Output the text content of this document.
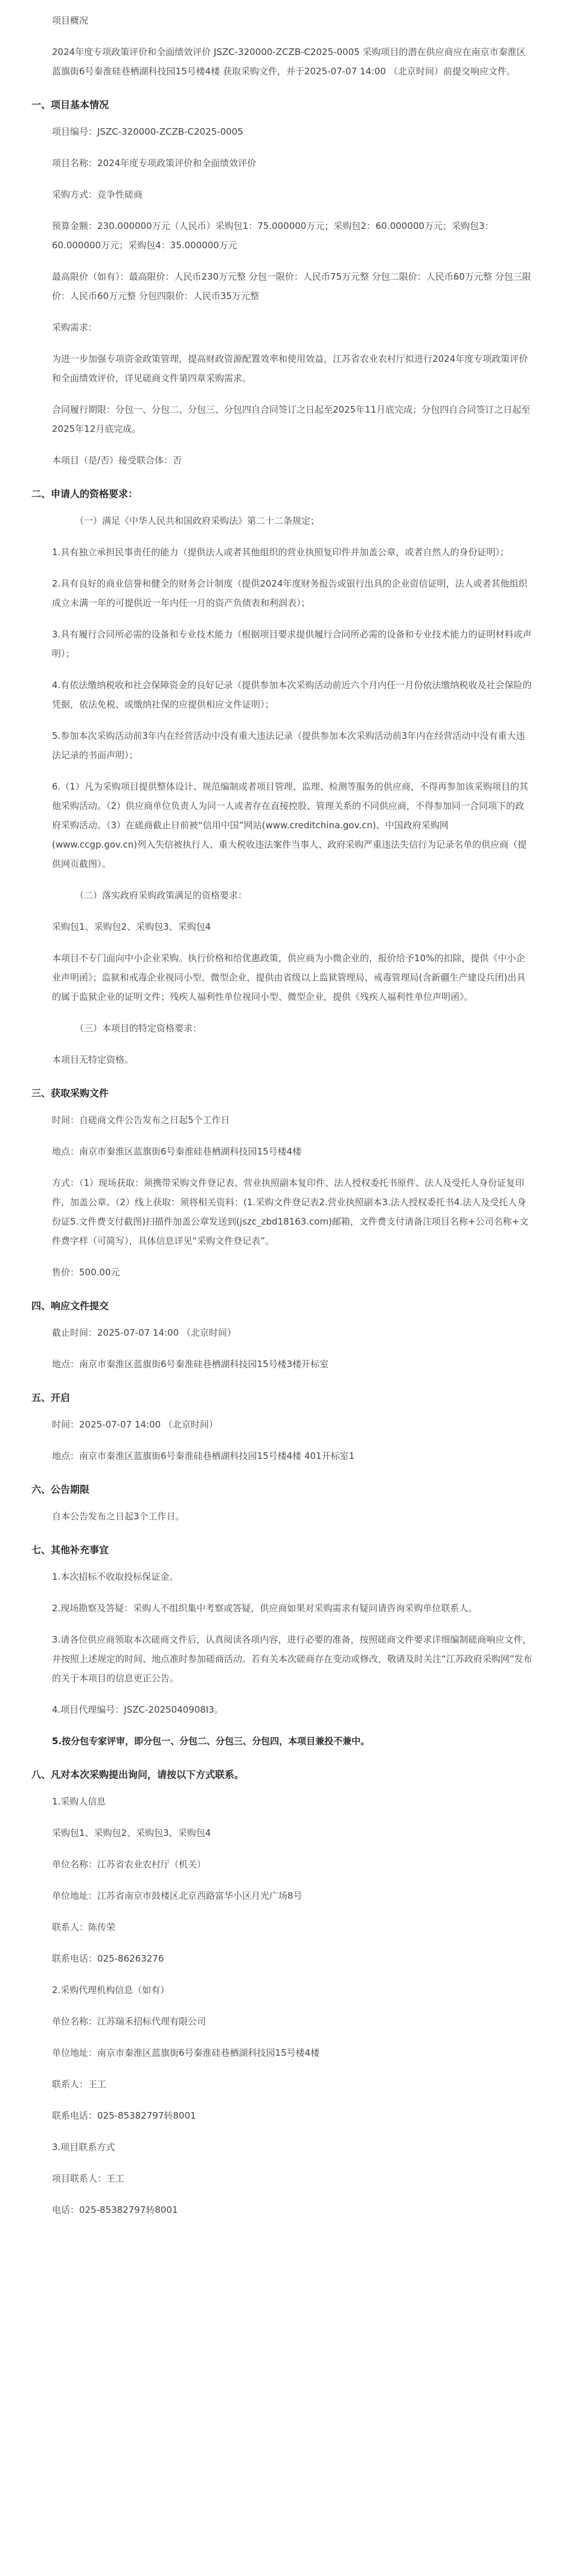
项目概况
2024年度专项政策评价和全面绩效评价 JSZC-320000-ZCZB-C2025-0005 采购项目的潜在供应商应在南京市秦淮区蓝旗街6号秦淮硅巷栖湖科技园15号楼4楼 获取采购文件，并于2025-07-07 14:00 （北京时间）前提交响应文件。
一、项目基本情况
项目编号：JSZC-320000-ZCZB-C2025-0005
项目名称：2024年度专项政策评价和全面绩效评价
采购方式：竞争性磋商
预算金额：230.000000万元（人民币）采购包1：75.000000万元；采购包2：60.000000万元；采购包3：60.000000万元；采购包4：35.000000万元
最高限价（如有）：最高限价：人民币230万元整 分包一限价：人民币75万元整 分包二限价：人民币60万元整 分包三限价：人民币60万元整 分包四限价：人民币35万元整
采购需求：
为进一步加强专项资金政策管理，提高财政资源配置效率和使用效益，江苏省农业农村厅拟进行2024年度专项政策评价和全面绩效评价，详见磋商文件第四章采购需求。
合同履行期限：分包一、分包二、分包三、分包四自合同签订之日起至2025年11月底完成；分包四自合同签订之日起至2025年12月底完成。
本项目（是/否）接受联合体：否
二、申请人的资格要求：
（一）满足《中华人民共和国政府采购法》第二十二条规定；
1.具有独立承担民事责任的能力（提供法人或者其他组织的营业执照复印件并加盖公章，或者自然人的身份证明）；
2.具有良好的商业信誉和健全的财务会计制度（提供2024年度财务报告或银行出具的企业资信证明，法人或者其他组织成立未满一年的可提供近一年内任一月的资产负债表和利润表）；
3.具有履行合同所必需的设备和专业技术能力（根据项目要求提供履行合同所必需的设备和专业技术能力的证明材料或声明）；
4.有依法缴纳税收和社会保障资金的良好记录（提供参加本次采购活动前近六个月内任一月份依法缴纳税收及社会保险的凭据，依法免税、或缴纳社保的应提供相应文件证明）；
5.参加本次采购活动前3年内在经营活动中没有重大违法记录（提供参加本次采购活动前3年内在经营活动中没有重大违法记录的书面声明）；
6.（1）凡为采购项目提供整体设计、规范编制或者项目管理、监理、检测等服务的供应商，不得再参加该采购项目的其他采购活动。（2）供应商单位负责人为同一人或者存在直接控股、管理关系的不同供应商，不得参加同一合同项下的政府采购活动。（3）在磋商截止日前被“信用中国”网站(www.creditchina.gov.cn)、中国政府采购网(www.ccgp.gov.cn)列入失信被执行人、重大税收违法案件当事人、政府采购严重违法失信行为记录名单的供应商（提供网页截图）。
（二）落实政府采购政策满足的资格要求：
采购包1、采购包2、采购包3、采购包4
本项目不专门面向中小企业采购。执行价格和给优惠政策，供应商为小微企业的，报价给予10%的扣除，提供《中小企业声明函》；监狱和戒毒企业视同小型、微型企业，提供由省级以上监狱管理局、戒毒管理局(含新疆生产建设兵团)出具的属于监狱企业的证明文件；残疾人福利性单位视同小型、微型企业，提供《残疾人福利性单位声明函》。
（三）本项目的特定资格要求：
本项目无特定资格。
三、获取采购文件
时间：自磋商文件公告发布之日起5个工作日
地点：南京市秦淮区蓝旗街6号秦淮硅巷栖湖科技园15号楼4楼
方式：（1）现场获取：须携带采购文件登记表、营业执照副本复印件、法人授权委托书原件、法人及受托人身份证复印件，加盖公章。（2）线上获取：须将相关资料：(1.采购文件登记表2.营业执照副本3.法人授权委托书4.法人及受托人身份证5.文件费支付截图)扫描件加盖公章发送到(jszc_zbd18163.com)邮箱，文件费支付请备注项目名称+公司名称+文件费字样（可简写），具体信息详见“采购文件登记表”。
售价：500.00元
四、响应文件提交
截止时间：2025-07-07 14:00 （北京时间）
地点：南京市秦淮区蓝旗街6号秦淮硅巷栖湖科技园15号楼3楼开标室
五、开启
时间：2025-07-07 14:00 （北京时间）
地点：南京市秦淮区蓝旗街6号秦淮硅巷栖湖科技园15号楼4楼 401开标室1
六、公告期限
自本公告发布之日起3个工作日。
七、其他补充事宜
1.本次招标不收取投标保证金。
2.现场勘察及答疑：采购人不组织集中考察或答疑，供应商如果对采购需求有疑问请咨询采购单位联系人。
3.请各位供应商领取本次磋商文件后，认真阅读各项内容，进行必要的准备，按照磋商文件要求详细编制磋商响应文件，并按照上述规定的时间、地点准时参加磋商活动。若有关本次磋商存在变动或修改，敬请及时关注“江苏政府采购网”发布的关于本项目的信息更正公告。
4.项目代理编号：JSZC-2025040908I3。
5.按分包专家评审，即分包一、分包二、分包三、分包四，本项目兼投不兼中。
八、凡对本次采购提出询问，请按以下方式联系。
1.采购人信息
采购包1、采购包2、采购包3、采购包4
单位名称：江苏省农业农村厅（机关）
单位地址：江苏省南京市鼓楼区北京西路富华小区月光广场8号
联系人：陈传荣
联系电话：025-86263276
2.采购代理机构信息（如有）
单位名称：江苏瑞禾招标代理有限公司
单位地址：南京市秦淮区蓝旗街6号秦淮硅巷栖湖科技园15号楼4楼
联系人：王工
联系电话：025-85382797转8001
3.项目联系方式
项目联系人：王工
电话：025-85382797转8001
